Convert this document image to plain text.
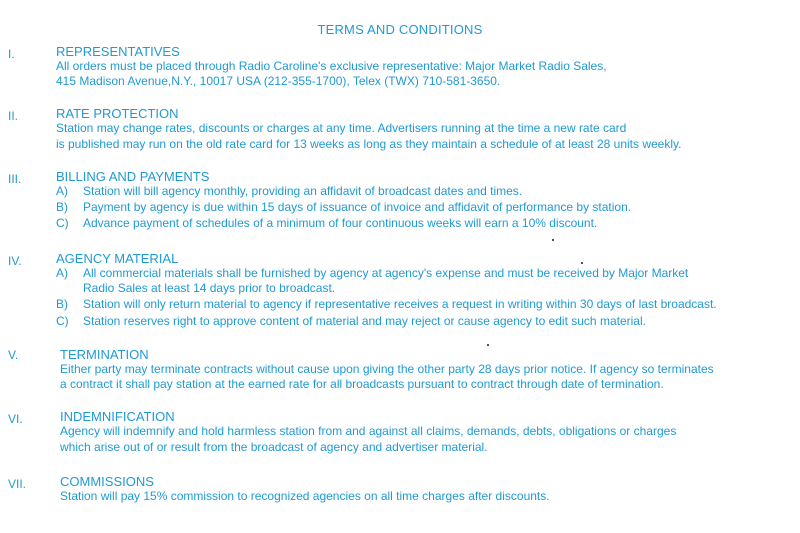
TERMS AND CONDITIONS
I.	REPRESENTATIVES
All orders must be placed through Radio Caroline's exclusive representative: Major Market Radio Sales,
415 Madison Avenue,N.Y., 10017 USA (212-355-1700), Telex (TWX) 710-581-3650.
II.	RATE PROTECTION
Station may change rates, discounts or charges at any time. Advertisers running at the time a new rate card
is published may run on the old rate card for 13 weeks as long as they maintain a schedule of at least 28 units weekly.
III.	BILLING AND PAYMENTS
A) Station will bill agency monthly, providing an affidavit of broadcast dates and times.
B) Payment by agency is due within 15 days of issuance of invoice and affidavit of performance by station.
C) Advance payment of schedules of a minimum of four continuous weeks will earn a 10% discount.
IV.	AGENCY MATERIAL
A) All commercial materials shall be furnished by agency at agency's expense and must be received by Major Market
Radio Sales at least 14 days prior to broadcast.
B) Station will only return material to agency if representative receives a request in writing within 30 days of last broadcast.
C) Station reserves right to approve content of material and may reject or cause agency to edit such material.
V.	TERMINATION
Either party may terminate contracts without cause upon giving the other party 28 days prior notice. If agency so terminates
a contract it shall pay station at the earned rate for all broadcasts pursuant to contract through date of termination.
VI.	INDEMNIFICATION
Agency will indemnify and hold harmless station from and against all claims, demands, debts, obligations or charges
which arise out of or result from the broadcast of agency and advertiser material.
VII.	COMMISSIONS
Station will pay 15% commission to recognized agencies on all time charges after discounts.
